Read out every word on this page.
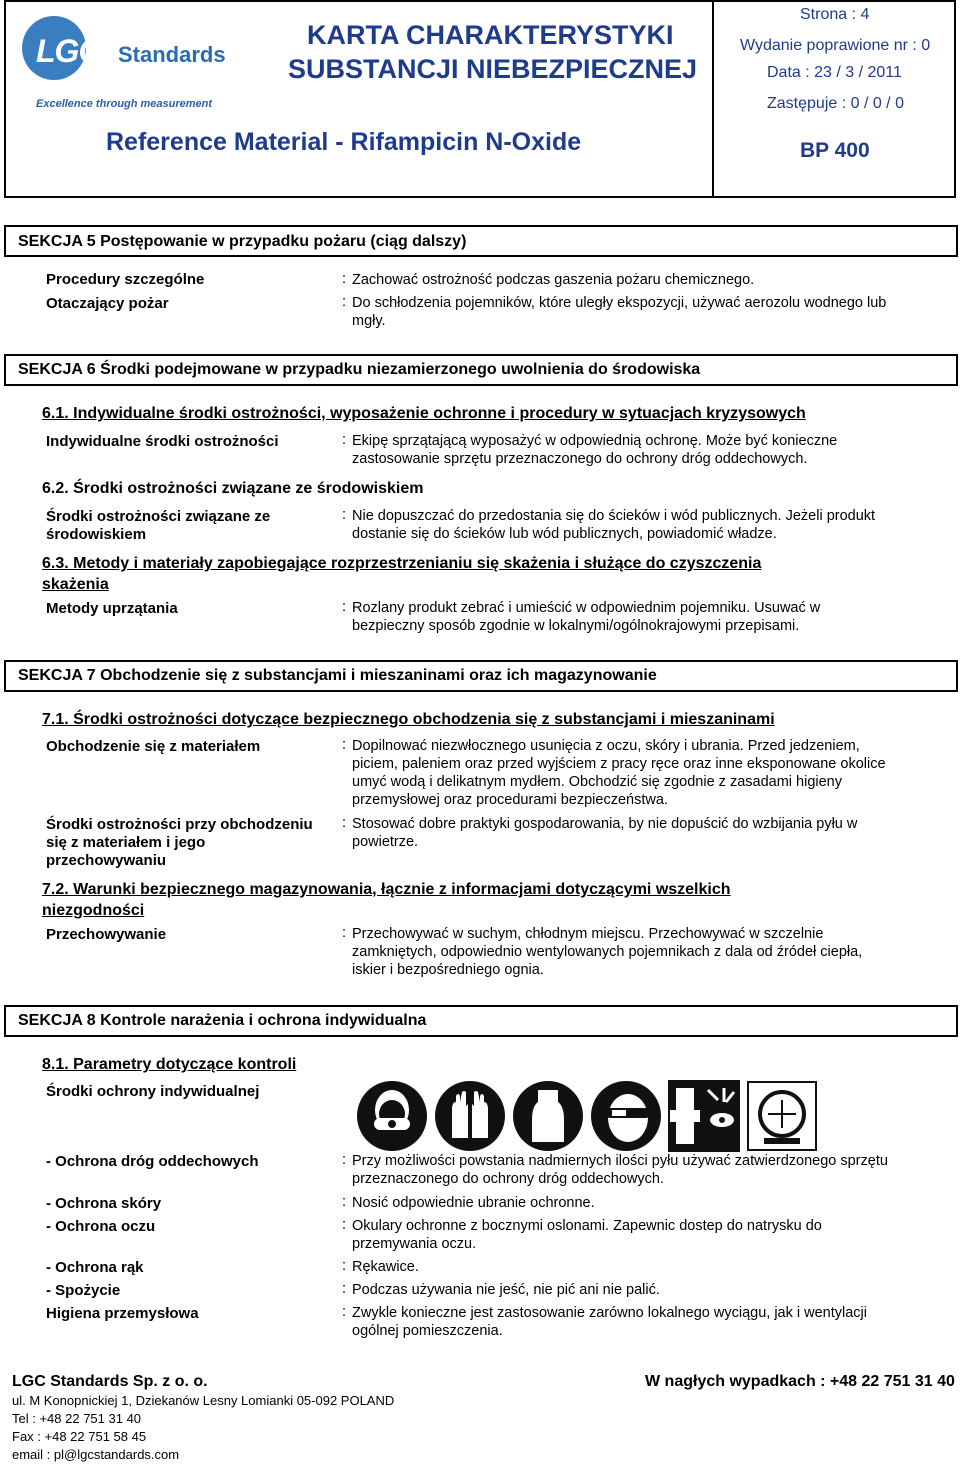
LGC Standards
Excellence through measurement
KARTA CHARAKTERYSTYKI
SUBSTANCJI NIEBEZPIECZNEJ
Strona : 4
Wydanie poprawione nr : 0
Data : 23 / 3 / 2011
Zastępuje : 0 / 0 / 0
Reference Material - Rifampicin N-Oxide	BP 400
SEKCJA 5 Postępowanie w przypadku pożaru (ciąg dalszy)
Procedury szczególne	: Zachować ostrożność podczas gaszenia pożaru chemicznego.
Otaczający pożar	: Do schłodzenia pojemników, które uległy ekspozycji, używać aerozolu wodnego lub
mgły.
SEKCJA 6 Środki podejmowane w przypadku niezamierzonego uwolnienia do środowiska
6.1. Indywidualne środki ostrożności, wyposażenie ochronne i procedury w sytuacjach kryzysowych
Indywidualne środki ostrożności	: Ekipę sprzątającą wyposażyć w odpowiednią ochronę. Może być konieczne
zastosowanie sprzętu przeznaczonego do ochrony dróg oddechowych.
6.2. Środki ostrożności związane ze środowiskiem
Środki ostrożności związane ze
środowiskiem
: Nie dopuszczać do przedostania się do ścieków i wód publicznych. Jeżeli produkt
dostanie się do ścieków lub wód publicznych, powiadomić władze.
6.3. Metody i materiały zapobiegające rozprzestrzenianiu się skażenia i służące do czyszczenia
skażenia
Metody uprzątania	: Rozlany produkt zebrać i umieścić w odpowiednim pojemniku. Usuwać w
bezpieczny sposób zgodnie w lokalnymi/ogólnokrajowymi przepisami.
SEKCJA 7 Obchodzenie się z substancjami i mieszaninami oraz ich magazynowanie
7.1. Środki ostrożności dotyczące bezpiecznego obchodzenia się z substancjami i mieszaninami
Obchodzenie się z materiałem	: Dopilnować niezwłocznego usunięcia z oczu, skóry i ubrania. Przed jedzeniem,
piciem, paleniem oraz przed wyjściem z pracy ręce oraz inne eksponowane okolice
umyć wodą i delikatnym mydłem. Obchodzić się zgodnie z zasadami higieny
przemysłowej oraz procedurami bezpieczeństwa.
Środki ostrożności przy obchodzeniu
się z materiałem i jego
przechowywaniu
: Stosować dobre praktyki gospodarowania, by nie dopuścić do wzbijania pyłu w
powietrze.
7.2. Warunki bezpiecznego magazynowania, łącznie z informacjami dotyczącymi wszelkich
niezgodności
Przechowywanie	: Przechowywać w suchym, chłodnym miejscu. Przechowywać w szczelnie
zamkniętych, odpowiednio wentylowanych pojemnikach z dala od źródeł ciepła,
iskier i bezpośredniego ognia.
SEKCJA 8 Kontrole narażenia i ochrona indywidualna
8.1. Parametry dotyczące kontroli
Środki ochrony indywidualnej
- Ochrona dróg oddechowych	: Przy możliwości powstania nadmiernych ilości pyłu używać zatwierdzonego sprzętu
przeznaczonego do ochrony dróg oddechowych.
- Ochrona skóry	: Nosić odpowiednie ubranie ochronne.
- Ochrona oczu	: Okulary ochronne z bocznymi oslonami. Zapewnic dostep do natrysku do
przemywania oczu.
- Ochrona rąk	: Rękawice.
- Spożycie	: Podczas używania nie jeść, nie pić ani nie palić.
Higiena przemysłowa	: Zwykle konieczne jest zastosowanie zarówno lokalnego wyciągu, jak i wentylacji
ogólnej pomieszczenia.
LGC Standards Sp. z o. o.	W nagłych wypadkach : +48 22 751 31 40
ul. M Konopnickiej 1, Dziekanów Lesny Lomianki 05-092 POLAND
Tel : +48 22 751 31 40
Fax : +48 22 751 58 45
email : pl@lgcstandards.com
